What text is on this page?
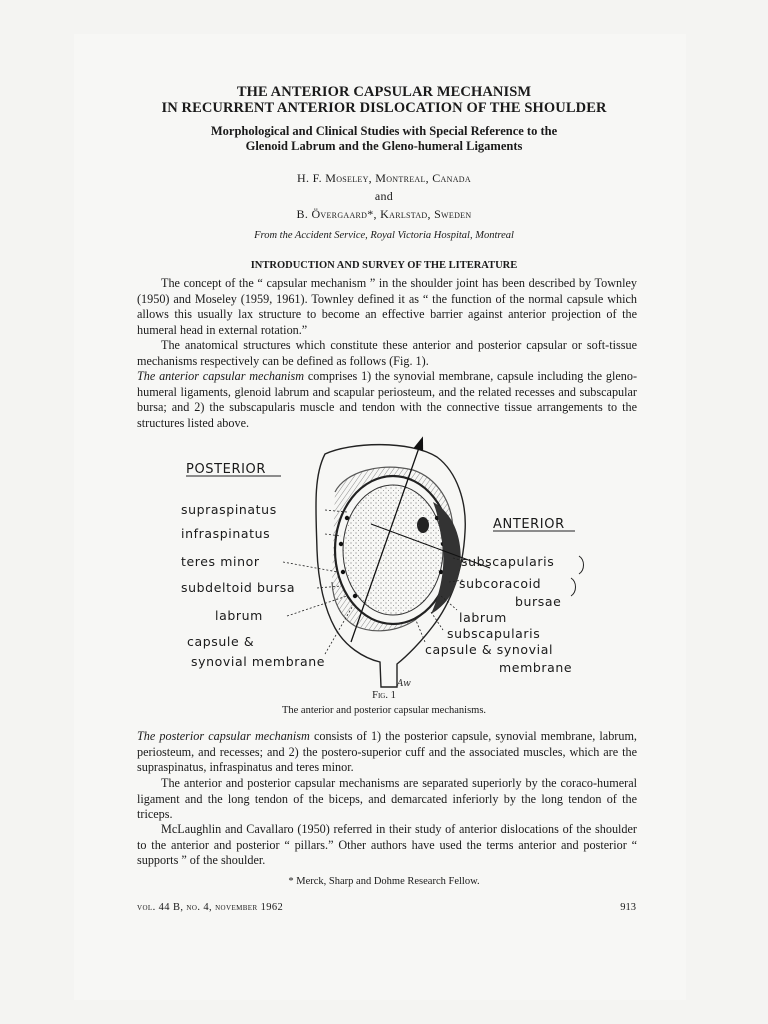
THE ANTERIOR CAPSULAR MECHANISM
IN RECURRENT ANTERIOR DISLOCATION OF THE SHOULDER
Morphological and Clinical Studies with Special Reference to the
Glenoid Labrum and the Gleno-humeral Ligaments
H. F. Moseley, Montreal, Canada
and
B. Övergaard*, Karlstad, Sweden
From the Accident Service, Royal Victoria Hospital, Montreal
INTRODUCTION AND SURVEY OF THE LITERATURE
The concept of the “ capsular mechanism ” in the shoulder joint has been described by Townley (1950) and Moseley (1959, 1961). Townley defined it as “ the function of the normal capsule which allows this usually lax structure to become an effective barrier against anterior projection of the humeral head in external rotation.”
The anatomical structures which constitute these anterior and posterior capsular or soft-tissue mechanisms respectively can be defined as follows (Fig. 1).
The anterior capsular mechanism comprises 1) the synovial membrane, capsule including the gleno-humeral ligaments, glenoid labrum and scapular periosteum, and the related recesses and subscapular bursa; and 2) the subscapularis muscle and tendon with the connective tissue arrangements to the structures listed above.
POSTERIOR
ANTERIOR
supraspinatus
infraspinatus
teres minor
subdeltoid bursa
labrum
capsule &
synovial membrane
subscapularis
subcoracoid
bursae
labrum
subscapularis
capsule & synovial
membrane
Aw
Fig. 1
The anterior and posterior capsular mechanisms.
The posterior capsular mechanism consists of 1) the posterior capsule, synovial membrane, labrum, periosteum, and recesses; and 2) the postero-superior cuff and the associated muscles, which are the supraspinatus, infraspinatus and teres minor.
The anterior and posterior capsular mechanisms are separated superiorly by the coraco-humeral ligament and the long tendon of the biceps, and demarcated inferiorly by the long tendon of the triceps.
McLaughlin and Cavallaro (1950) referred in their study of anterior dislocations of the shoulder to the anterior and posterior “ pillars.” Other authors have used the terms anterior and posterior “ supports ” of the shoulder.
* Merck, Sharp and Dohme Research Fellow.
vol. 44 B, no. 4, november 1962	913
